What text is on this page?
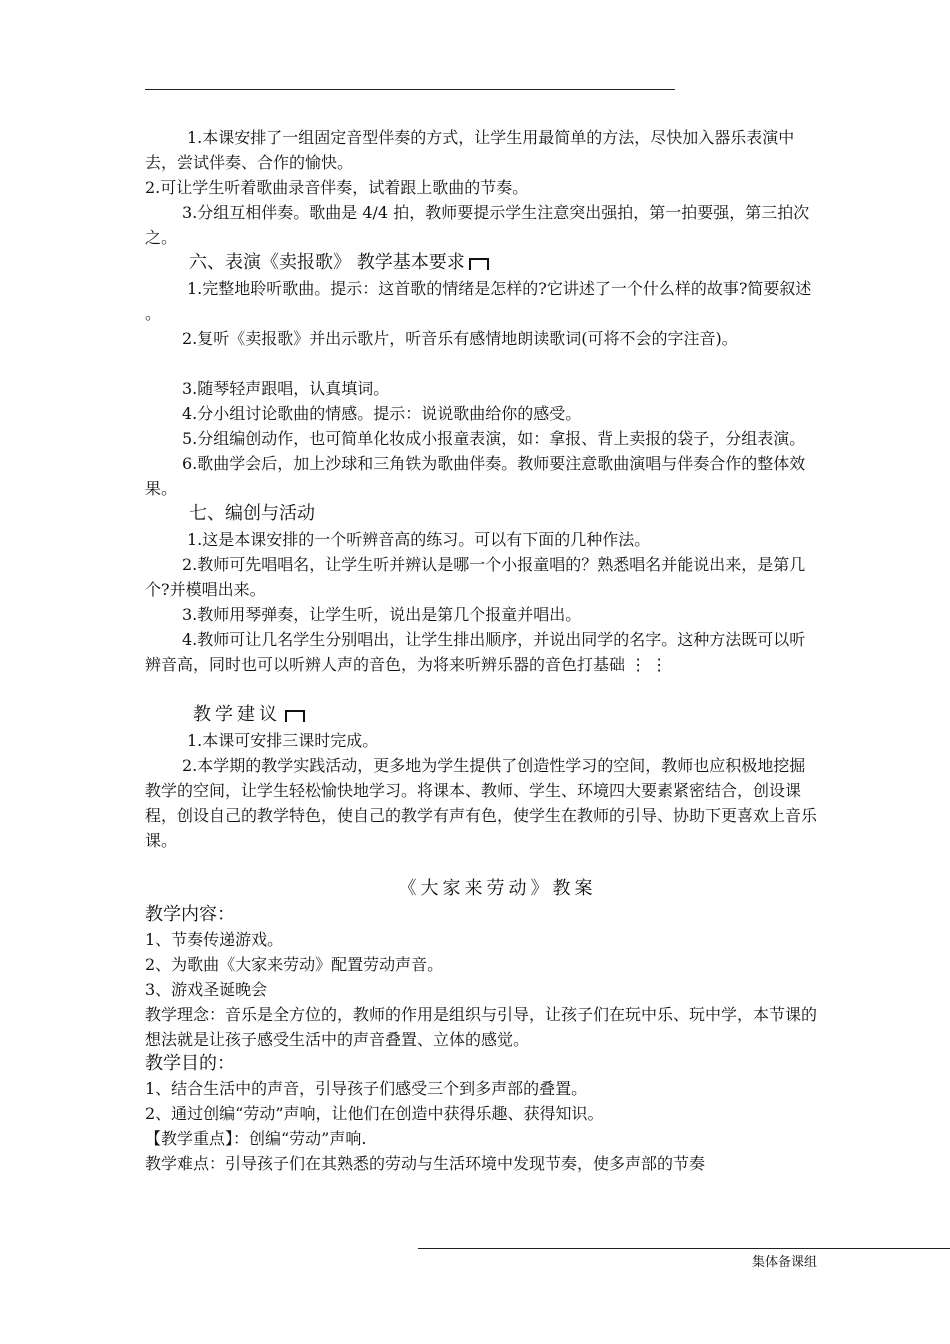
1.本课安排了一组固定音型伴奏的方式，让学生用最简单的方法，尽快加入器乐表演中去，尝试伴奏、合作的愉快。

2.可让学生听着歌曲录音伴奏，试着跟上歌曲的节奏。

3.分组互相伴奏。歌曲是 4/4 拍，教师要提示学生注意突出强拍，第一拍要强，第三拍次之。

六、表演《卖报歌》 教学基本要求

1.完整地聆听歌曲。提示：这首歌的情绪是怎样的?它讲述了一个什么样的故事?简要叙述 。

2.复听《卖报歌》并出示歌片，听音乐有感情地朗读歌词(可将不会的字注音)。

3.随琴轻声跟唱，认真填词。

4.分小组讨论歌曲的情感。提示：说说歌曲给你的感受。

5.分组编创动作，也可简单化妆成小报童表演，如：拿报、背上卖报的袋子，分组表演。

6.歌曲学会后，加上沙球和三角铁为歌曲伴奏。教师要注意歌曲演唱与伴奏合作的整体效果。

七、编创与活动

1.这是本课安排的一个听辨音高的练习。可以有下面的几种作法。

2.教师可先唱唱名，让学生听并辨认是哪一个小报童唱的？熟悉唱名并能说出来，是第几个?并模唱出来。

3.教师用琴弹奏，让学生听，说出是第几个报童并唱出。

4.教师可让几名学生分别唱出，让学生排出顺序，并说出同学的名字。这种方法既可以听辨音高，同时也可以听辨人声的音色，为将来听辨乐器的音色打基础 ⋮ ⋮

教学建议

1.本课可安排三课时完成。

2.本学期的教学实践活动，更多地为学生提供了创造性学习的空间，教师也应积极地挖掘教学的空间，让学生轻松愉快地学习。将课本、教师、学生、环境四大要素紧密结合，创设课程，创设自己的教学特色，使自己的教学有声有色，使学生在教师的引导、协助下更喜欢上音乐课。

《大家来劳动》教案

教学内容：

1、节奏传递游戏。

2、为歌曲《大家来劳动》配置劳动声音。

3、游戏圣诞晚会

教学理念：音乐是全方位的，教师的作用是组织与引导，让孩子们在玩中乐、玩中学，本节课的想法就是让孩子感受生活中的声音叠置、立体的感觉。

教学目的：

1、结合生活中的声音，引导孩子们感受三个到多声部的叠置。

2、通过创编“劳动”声响，让他们在创造中获得乐趣、获得知识。

【教学重点】：创编“劳动”声响.

教学难点：引导孩子们在其熟悉的劳动与生活环境中发现节奏，使多声部的节奏

集体备课组
